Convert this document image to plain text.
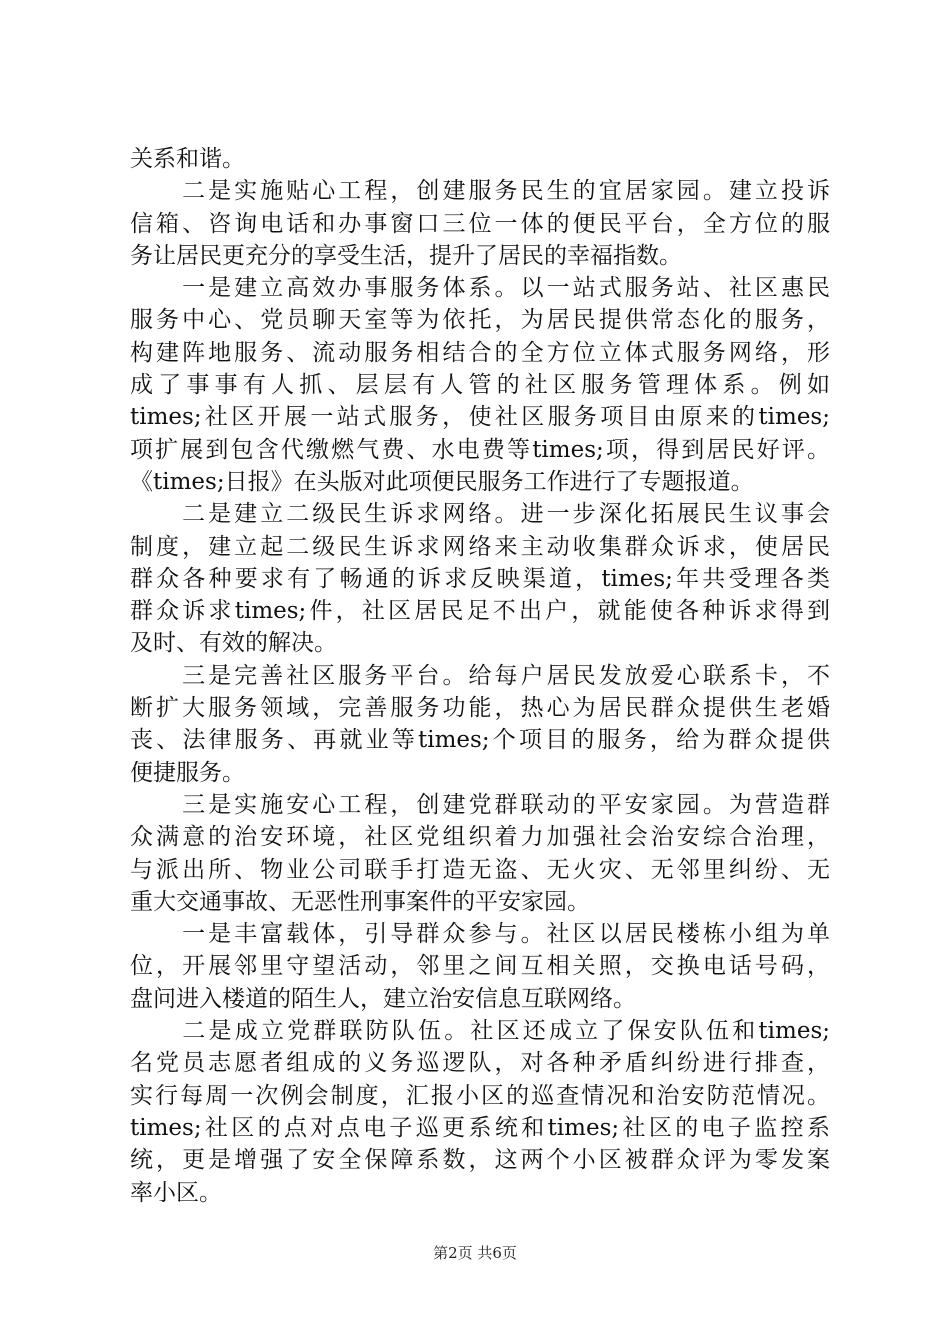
关系和谐。
　　二是实施贴心工程，创建服务民生的宜居家园。建立投诉
信箱、咨询电话和办事窗口三位一体的便民平台，全方位的服
务让居民更充分的享受生活，提升了居民的幸福指数。
　　一是建立高效办事服务体系。以一站式服务站、社区惠民
服务中心、党员聊天室等为依托，为居民提供常态化的服务，
构建阵地服务、流动服务相结合的全方位立体式服务网络，形
成了事事有人抓、层层有人管的社区服务管理体系。例如
times;社区开展一站式服务，使社区服务项目由原来的times;
项扩展到包含代缴燃气费、水电费等times;项，得到居民好评。
《times;日报》在头版对此项便民服务工作进行了专题报道。
　　二是建立二级民生诉求网络。进一步深化拓展民生议事会
制度，建立起二级民生诉求网络来主动收集群众诉求，使居民
群众各种要求有了畅通的诉求反映渠道，times;年共受理各类
群众诉求times;件，社区居民足不出户，就能使各种诉求得到
及时、有效的解决。
　　三是完善社区服务平台。给每户居民发放爱心联系卡，不
断扩大服务领域，完善服务功能，热心为居民群众提供生老婚
丧、法律服务、再就业等times;个项目的服务，给为群众提供
便捷服务。
　　三是实施安心工程，创建党群联动的平安家园。为营造群
众满意的治安环境，社区党组织着力加强社会治安综合治理，
与派出所、物业公司联手打造无盗、无火灾、无邻里纠纷、无
重大交通事故、无恶性刑事案件的平安家园。
　　一是丰富载体，引导群众参与。社区以居民楼栋小组为单
位，开展邻里守望活动，邻里之间互相关照，交换电话号码，
盘问进入楼道的陌生人，建立治安信息互联网络。
　　二是成立党群联防队伍。社区还成立了保安队伍和times;
名党员志愿者组成的义务巡逻队，对各种矛盾纠纷进行排查，
实行每周一次例会制度，汇报小区的巡查情况和治安防范情况。
times;社区的点对点电子巡更系统和times;社区的电子监控系
统，更是增强了安全保障系数，这两个小区被群众评为零发案
率小区。
第2页 共6页
